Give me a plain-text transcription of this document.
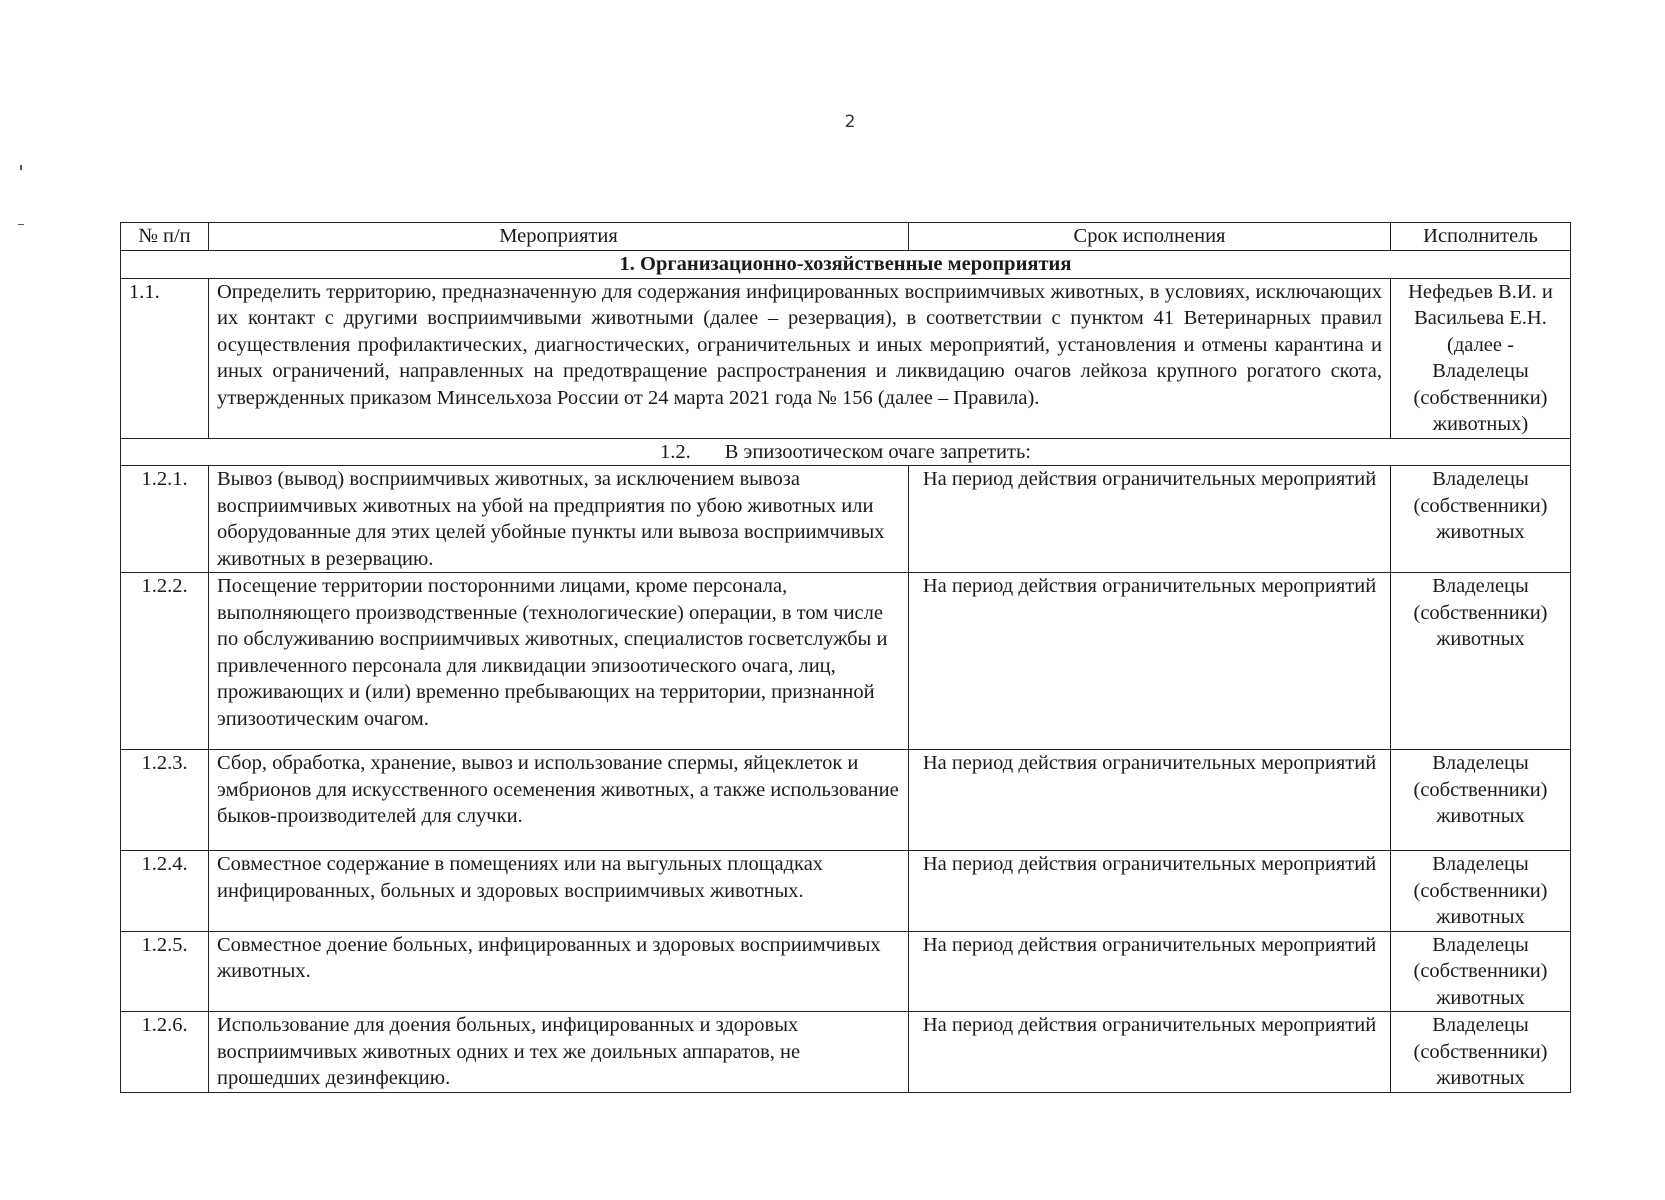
2
№ п/п	Мероприятия	Срок исполнения	Исполнитель
1. Организационно-хозяйственные мероприятия			
1.1.	Определить территорию, предназначенную для содержания инфицированных восприимчивых животных, в условиях, исключающих их контакт с другими восприимчивыми животными (далее – резервация), в соответствии с пунктом 41 Ветеринарных правил осуществления профилактических, диагностических, ограничительных и иных мероприятий, установления и отмены карантина и иных ограничений, направленных на предотвращение распространения и ликвидацию очагов лейкоза крупного рогатого скота, утвержденных приказом Минсельхоза России от 24 марта 2021 года № 156 (далее – Правила).		Нефедьев В.И. и Васильева Е.Н. (далее - Владелецы (собственники) животных)
1.2. В эпизоотическом очаге запретить:			
1.2.1.	Вывоз (вывод) восприимчивых животных, за исключением вывоза восприимчивых животных на убой на предприятия по убою животных или оборудованные для этих целей убойные пункты или вывоза восприимчивых животных в резервацию.	На период действия ограничительных мероприятий	Владелецы (собственники) животных
1.2.2.	Посещение территории посторонними лицами, кроме персонала, выполняющего производственные (технологические) операции, в том числе по обслуживанию восприимчивых животных, специалистов госветслужбы и привлеченного персонала для ликвидации эпизоотического очага, лиц, проживающих и (или) временно пребывающих на территории, признанной эпизоотическим очагом.	На период действия ограничительных мероприятий	Владелецы (собственники) животных
1.2.3.	Сбор, обработка, хранение, вывоз и использование спермы, яйцеклеток и эмбрионов для искусственного осеменения животных, а также использование быков-производителей для случки.	На период действия ограничительных мероприятий	Владелецы (собственники) животных
1.2.4.	Совместное содержание в помещениях или на выгульных площадках инфицированных, больных и здоровых восприимчивых животных.	На период действия ограничительных мероприятий	Владелецы (собственники) животных
1.2.5.	Совместное доение больных, инфицированных и здоровых восприимчивых животных.	На период действия ограничительных мероприятий	Владелецы (собственники) животных
1.2.6.	Использование для доения больных, инфицированных и здоровых восприимчивых животных одних и тех же доильных аппаратов, не прошедших дезинфекцию.	На период действия ограничительных мероприятий	Владелецы (собственники) животных
